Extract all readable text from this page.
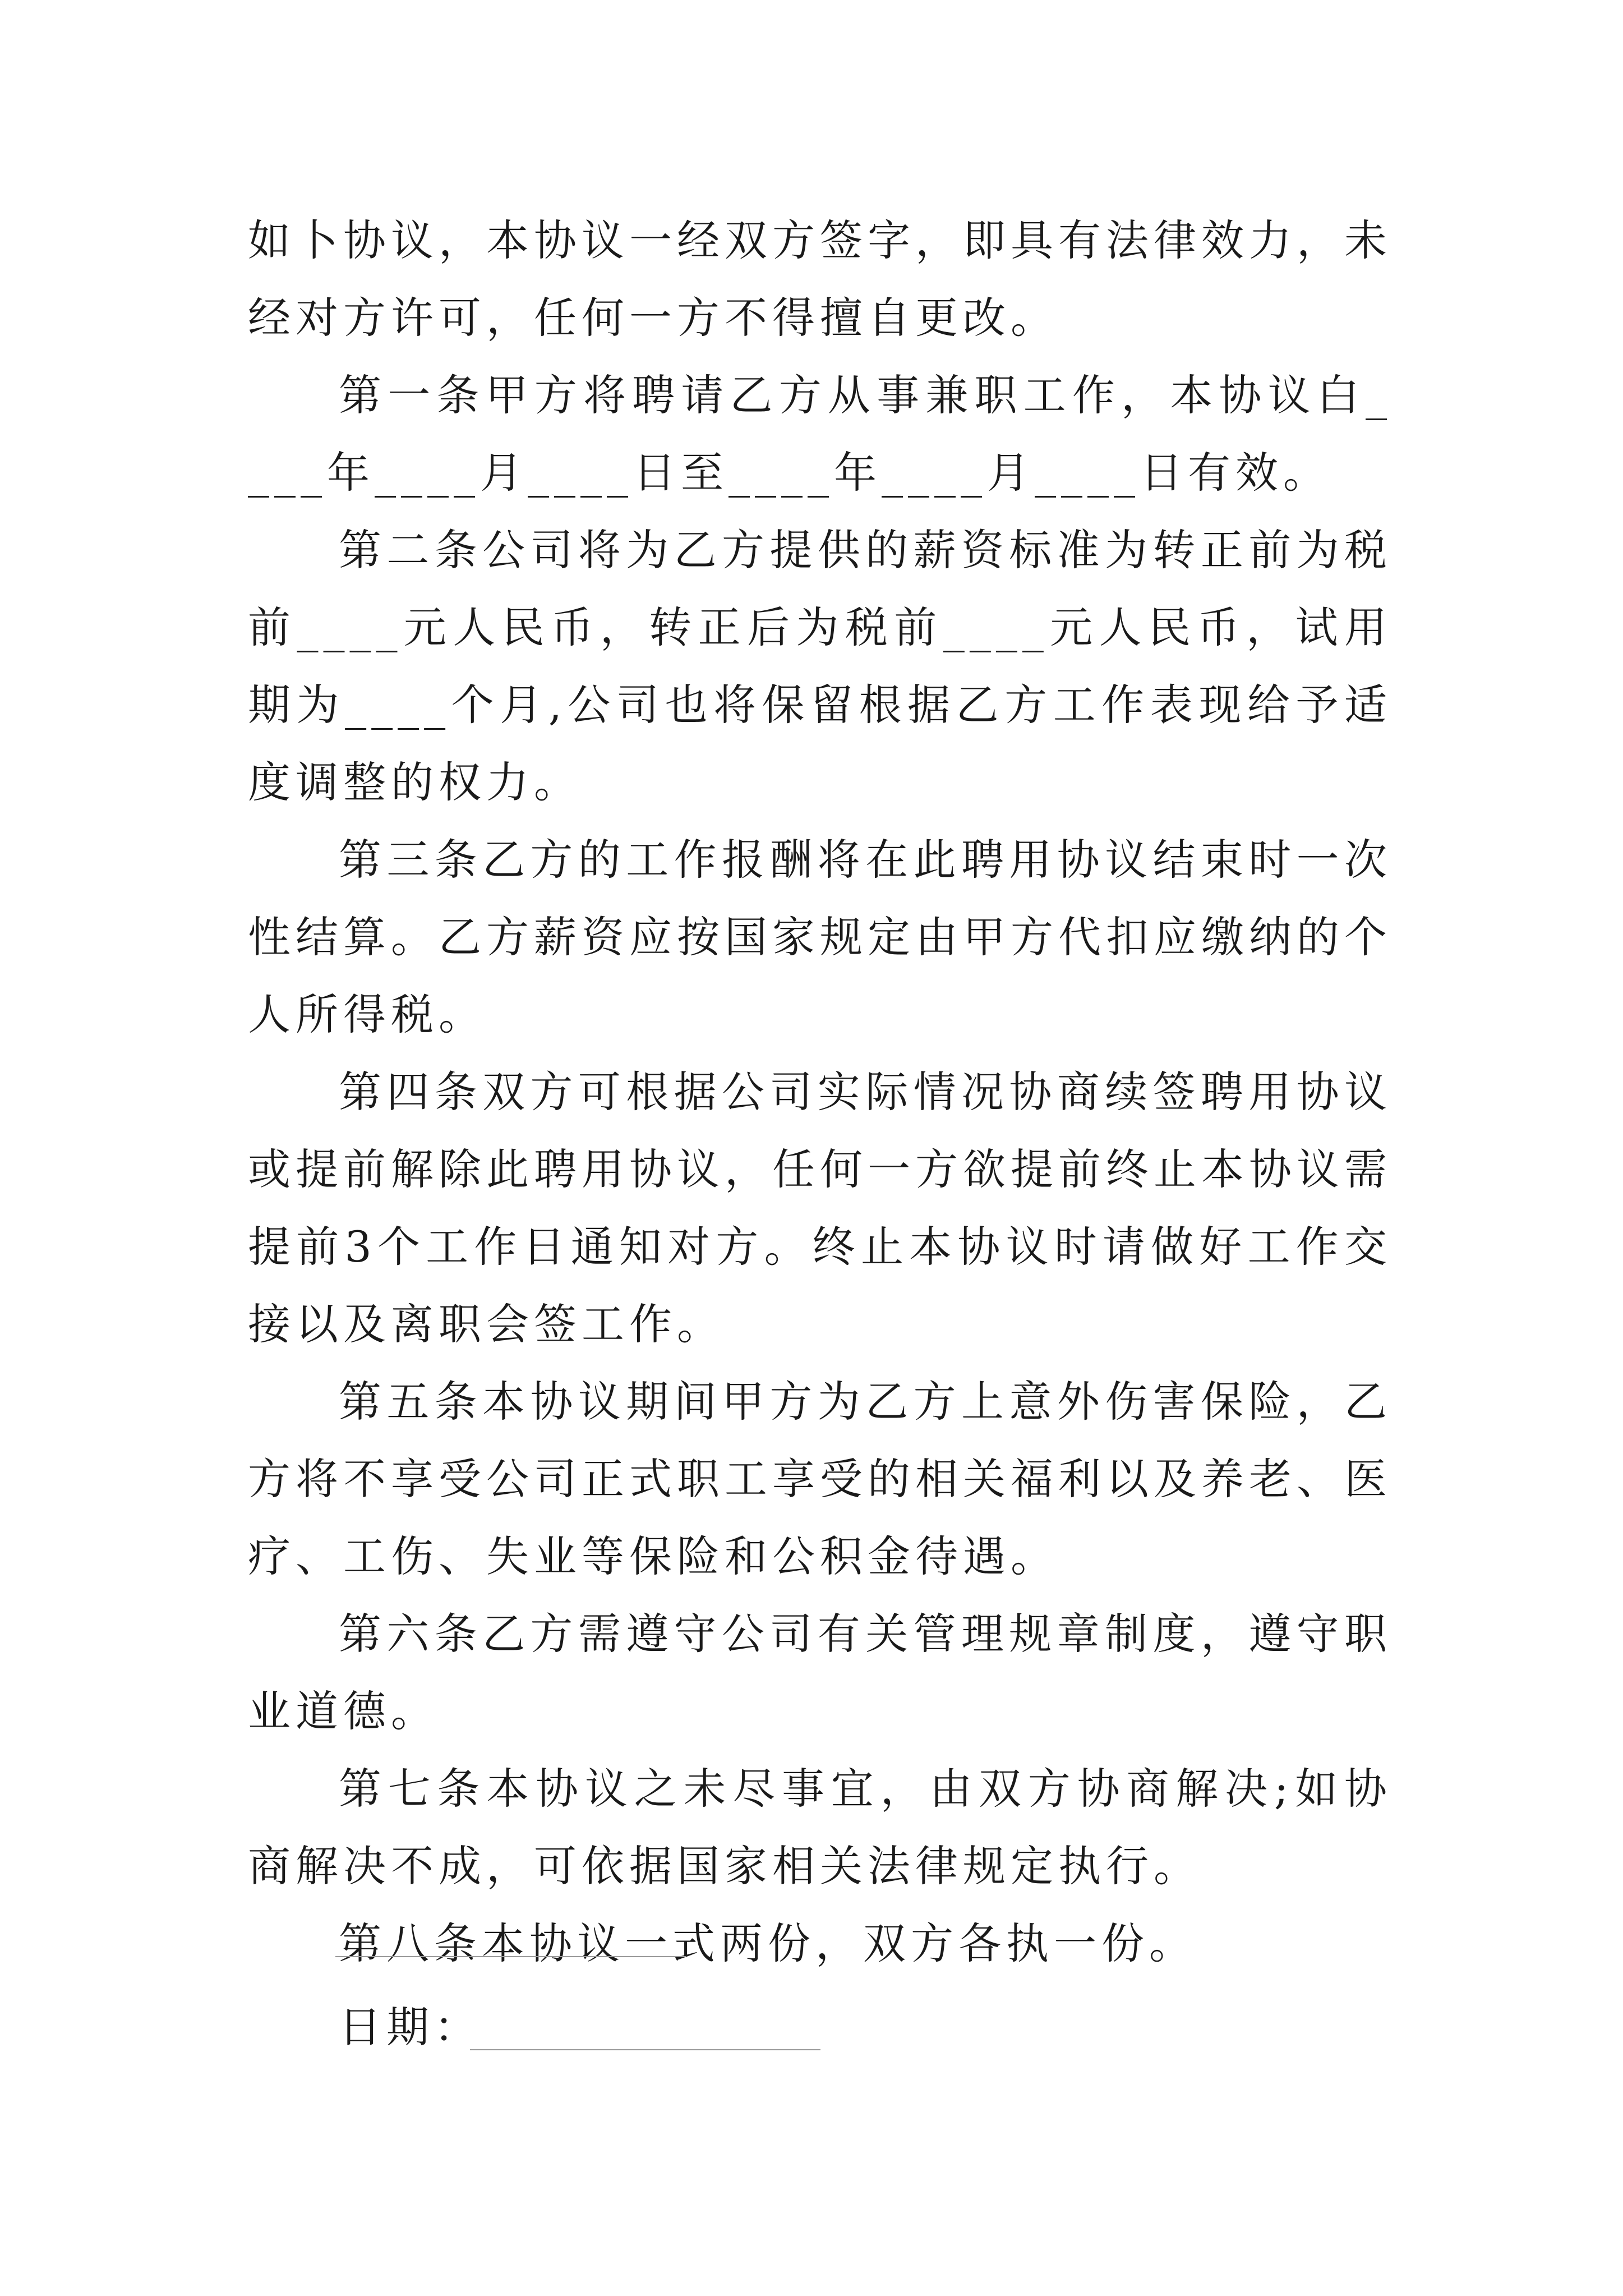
如卜协议，本协议一经双方签字，即具有法律效力，未经对方许可，任何一方不得擅自更改。

第一条甲方将聘请乙方从事兼职工作，本协议白____年____月____日至____年____月____日有效。

第二条公司将为乙方提供的薪资标准为转正前为税前____元人民币，转正后为税前____元人民币，试用期为____个月,公司也将保留根据乙方工作表现给予适度调整的权力。

第三条乙方的工作报酬将在此聘用协议结束时一次性结算。乙方薪资应按国家规定由甲方代扣应缴纳的个人所得税。

第四条双方可根据公司实际情况协商续签聘用协议或提前解除此聘用协议，任何一方欲提前终止本协议需提前3个工作日通知对方。终止本协议时请做好工作交接以及离职会签工作。

第五条本协议期间甲方为乙方上意外伤害保险，乙方将不享受公司正式职工享受的相关福利以及养老、医疗、工伤、失业等保险和公积金待遇。

第六条乙方需遵守公司有关管理规章制度，遵守职业道德。

第七条本协议之未尽事宜，由双方协商解决;如协商解决不成，可依据国家相关法律规定执行。

第八条本协议一式两份，双方各执一份。

日期：
